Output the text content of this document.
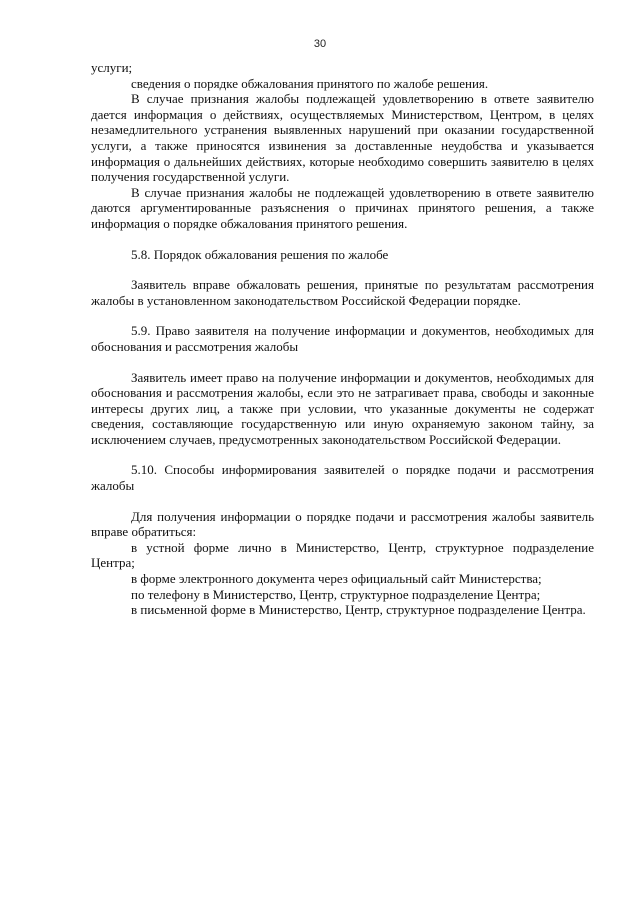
30

услуги;

сведения о порядке обжалования принятого по жалобе решения.

В случае признания жалобы подлежащей удовлетворению в ответе заявителю дается информация о действиях, осуществляемых Министерством, Центром, в целях незамедлительного устранения выявленных нарушений при оказании государственной услуги, а также приносятся извинения за доставленные неудобства и указывается информация о дальнейших действиях, которые необходимо совершить заявителю в целях получения государственной услуги.

В случае признания жалобы не подлежащей удовлетворению в ответе заявителю даются аргументированные разъяснения о причинах принятого решения, а также информация о порядке обжалования принятого решения.

5.8. Порядок обжалования решения по жалобе

Заявитель вправе обжаловать решения, принятые по результатам рассмотрения жалобы в установленном законодательством Российской Федерации порядке.

5.9. Право заявителя на получение информации и документов, необходимых для обоснования и рассмотрения жалобы

Заявитель имеет право на получение информации и документов, необходимых для обоснования и рассмотрения жалобы, если это не затрагивает права, свободы и законные интересы других лиц, а также при условии, что указанные документы не содержат сведения, составляющие государственную или иную охраняемую законом тайну, за исключением случаев, предусмотренных законодательством Российской Федерации.

5.10. Способы информирования заявителей о порядке подачи и рассмотрения жалобы

Для получения информации о порядке подачи и рассмотрения жалобы заявитель вправе обратиться:

в устной форме лично в Министерство, Центр, структурное подразделение Центра;

в форме электронного документа через официальный сайт Министерства;

по телефону в Министерство, Центр, структурное подразделение Центра;

в письменной форме в Министерство, Центр, структурное подразделение Центра.
